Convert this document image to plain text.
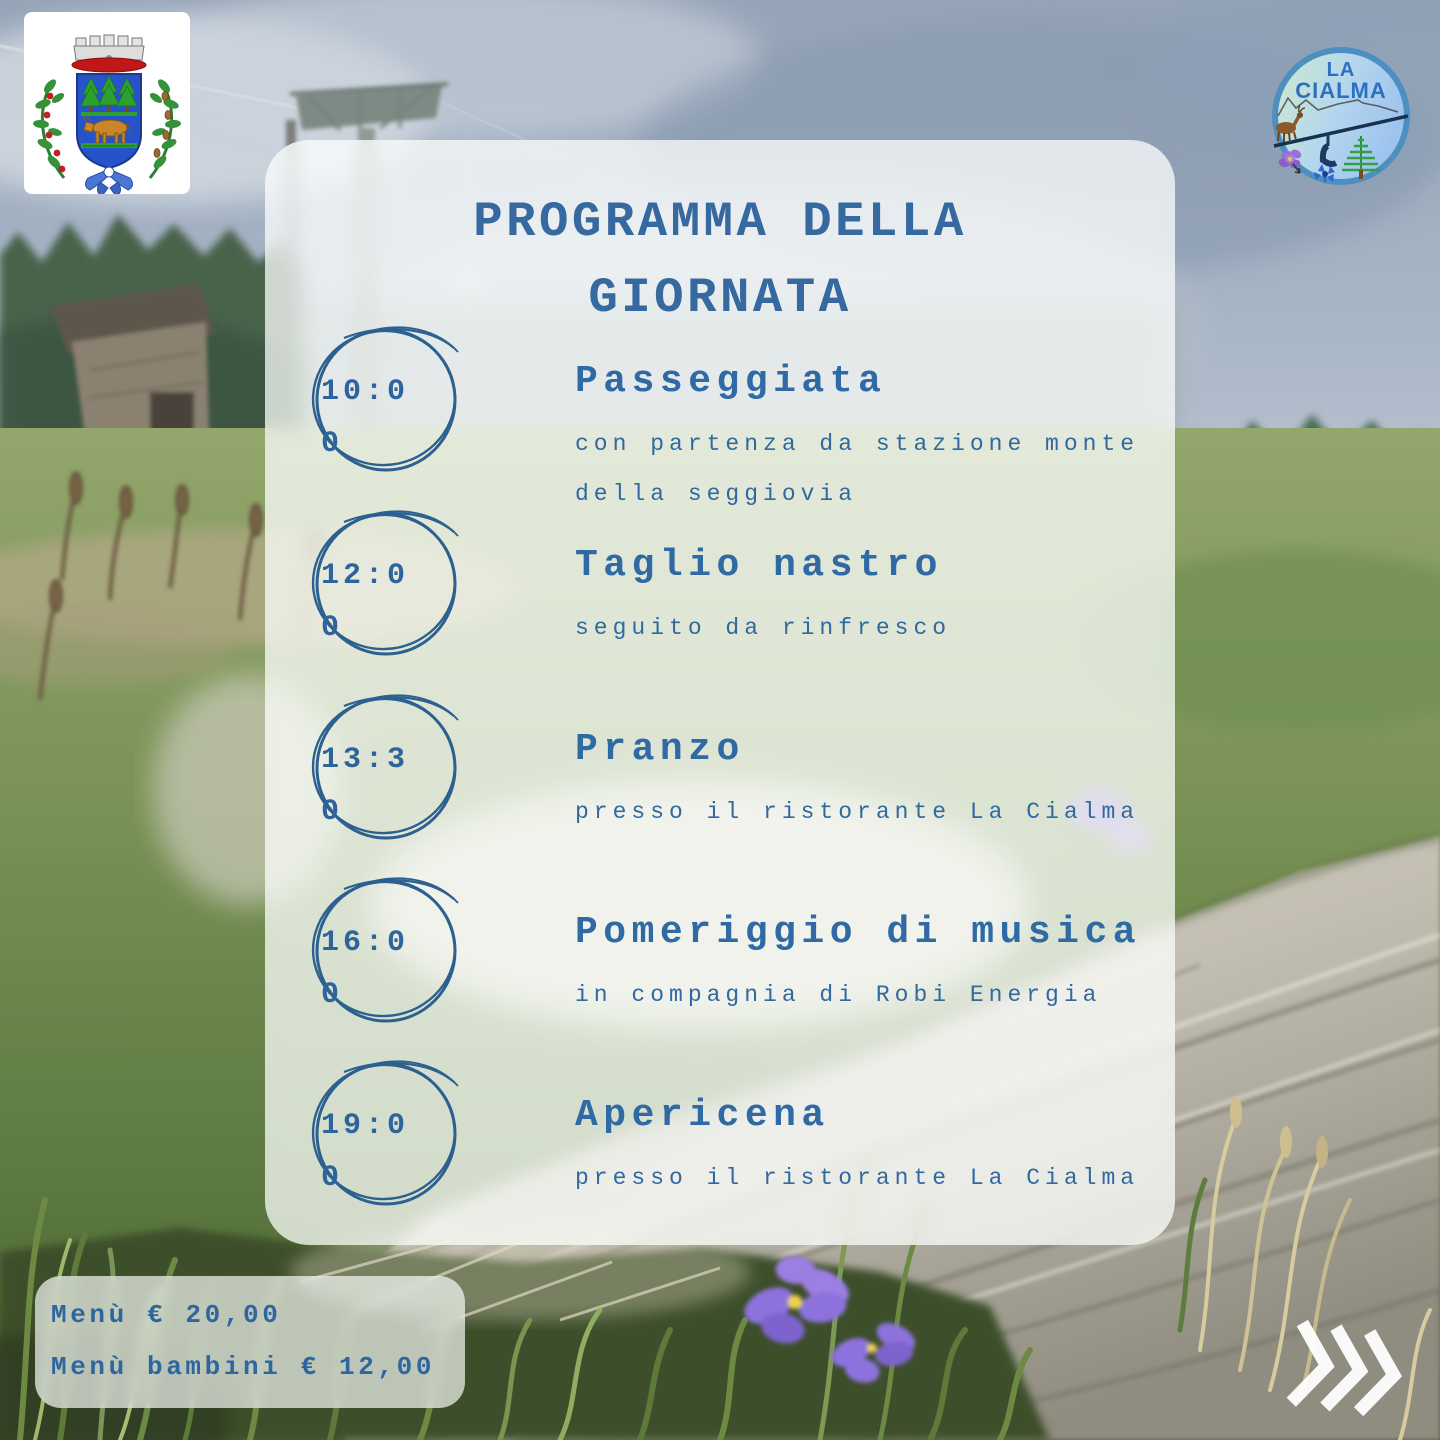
LA
CIALMA
PROGRAMMA DELLA
GIORNATA
10:00
Passeggiata
con partenza da stazione monte della seggiovia
12:00
Taglio nastro
seguito da rinfresco
13:30
Pranzo
presso il ristorante La Cialma
16:00
Pomeriggio di musica
in compagnia di Robi Energia
19:00
Apericena
presso il ristorante La Cialma
Menù € 20,00
Menù bambini € 12,00
